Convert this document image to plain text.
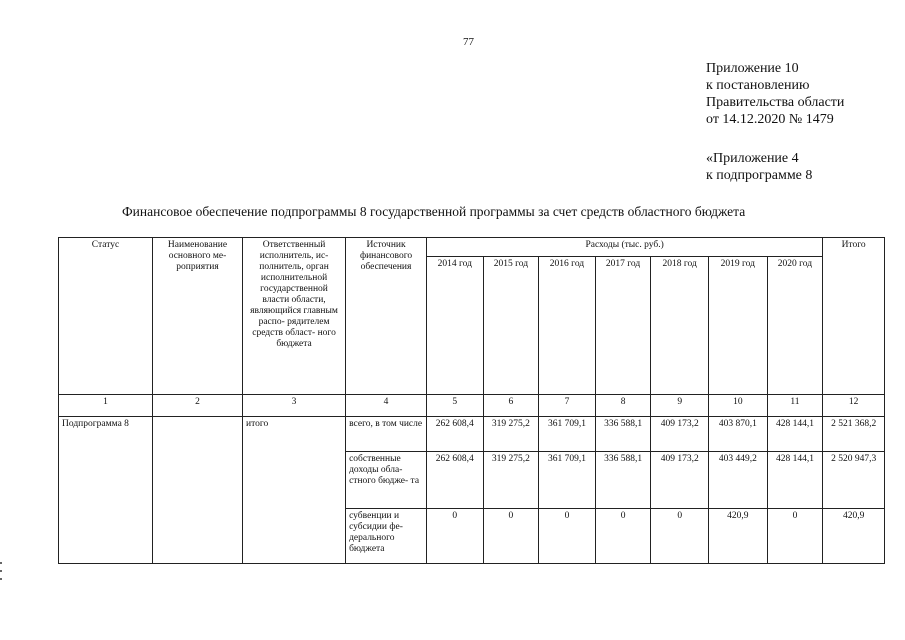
77
Приложение 10
к постановлению
Правительства области
от 14.12.2020 № 1479
«Приложение 4
к подпрограмме 8
Финансовое обеспечение подпрограммы 8 государственной программы за счет средств областного бюджета
Статус	Наименование основного ме- роприятия	Ответственный исполнитель, ис- полнитель, орган исполнительной государственной власти области, являющийся главным распо- рядителем средств област- ного бюджета	Источник финансового обеспечения	Расходы (тыс. руб.)							Итого
				2014 год	2015 год	2016 год	2017 год	2018 год	2019 год	2020 год	
1	2	3	4	5	6	7	8	9	10	11	12
Подпрограмма 8		итого	всего, в том числе	262 608,4	319 275,2	361 709,1	336 588,1	409 173,2	403 870,1	428 144,1	2 521 368,2
			собственные доходы обла- стного бюдже- та	262 608,4	319 275,2	361 709,1	336 588,1	409 173,2	403 449,2	428 144,1	2 520 947,3
			субвенции и субсидии фе- дерального бюджета	0	0	0	0	0	420,9	0	420,9
